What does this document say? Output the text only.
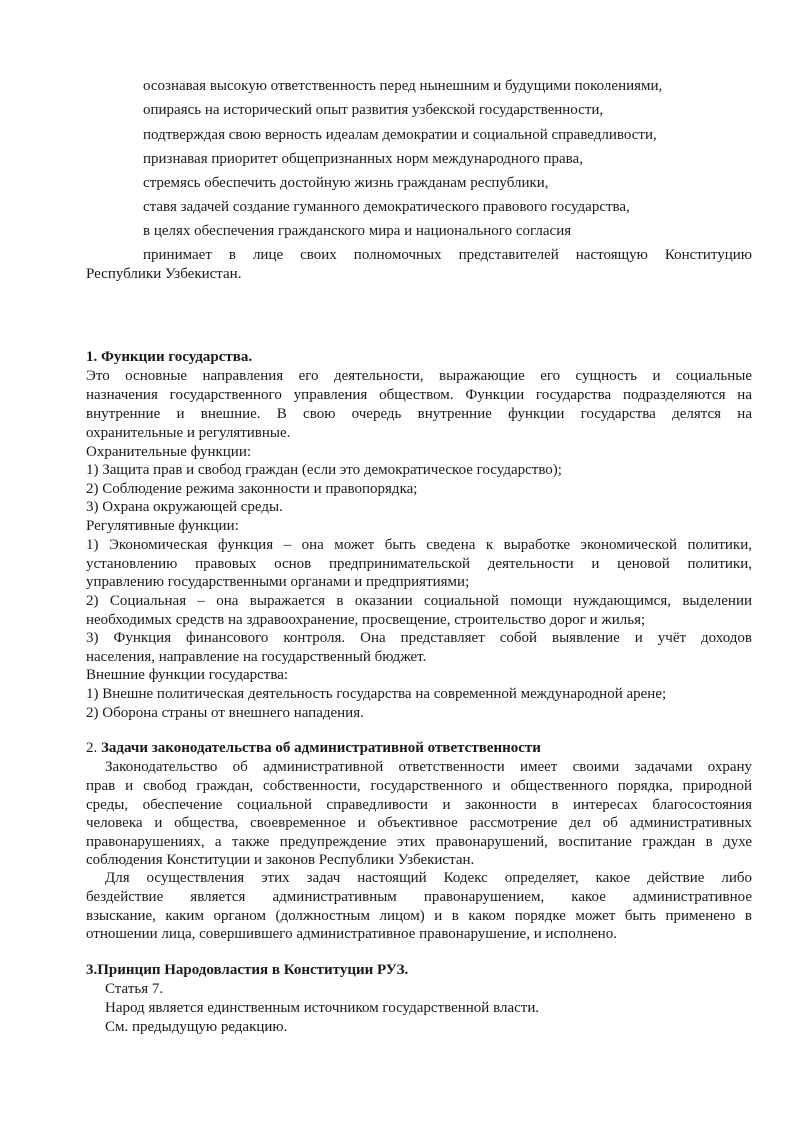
осознавая высокую ответственность перед нынешним и будущими поколениями,
опираясь на исторический опыт развития узбекской государственности,
подтверждая свою верность идеалам демократии и социальной справедливости,
признавая приоритет общепризнанных норм международного права,
стремясь обеспечить достойную жизнь гражданам республики,
ставя задачей создание гуманного демократического правового государства,
в целях обеспечения гражданского мира и национального согласия
принимает в лице своих полномочных представителей настоящую Конституцию
Республики Узбекистан.
1. Функции государства.
Это основные направления его деятельности, выражающие его сущность и социальные
назначения государственного управления обществом. Функции государства подразделяются на
внутренние и внешние. В свою очередь внутренние функции государства делятся на
охранительные и регулятивные.
Охранительные функции:
1) Защита прав и свобод граждан (если это демократическое государство);
2) Соблюдение режима законности и правопорядка;
3) Охрана окружающей среды.
Регулятивные функции:
1) Экономическая функция – она может быть сведена к выработке экономической политики,
установлению правовых основ предпринимательской деятельности и ценовой политики,
управлению государственными органами и предприятиями;
2) Социальная – она выражается в оказании социальной помощи нуждающимся, выделении
необходимых средств на здравоохранение, просвещение, строительство дорог и жилья;
3) Функция финансового контроля. Она представляет собой выявление и учёт доходов
населения, направление на государственный бюджет.
Внешние функции государства:
1) Внешне политическая деятельность государства на современной международной арене;
2) Оборона страны от внешнего нападения.
2. Задачи законодательства об административной ответственности
Законодательство об административной ответственности имеет своими задачами охрану
прав и свобод граждан, собственности, государственного и общественного порядка, природной
среды, обеспечение социальной справедливости и законности в интересах благосостояния
человека и общества, своевременное и объективное рассмотрение дел об административных
правонарушениях, а также предупреждение этих правонарушений, воспитание граждан в духе
соблюдения Конституции и законов Республики Узбекистан.
Для осуществления этих задач настоящий Кодекс определяет, какое действие либо
бездействие является административным правонарушением, какое административное
взыскание, каким органом (должностным лицом) и в каком порядке может быть применено в
отношении лица, совершившего административное правонарушение, и исполнено.
3.Принцип Народовластия в Конституции РУЗ.
Статья 7.
Народ является единственным источником государственной власти.
См. предыдущую редакцию.
